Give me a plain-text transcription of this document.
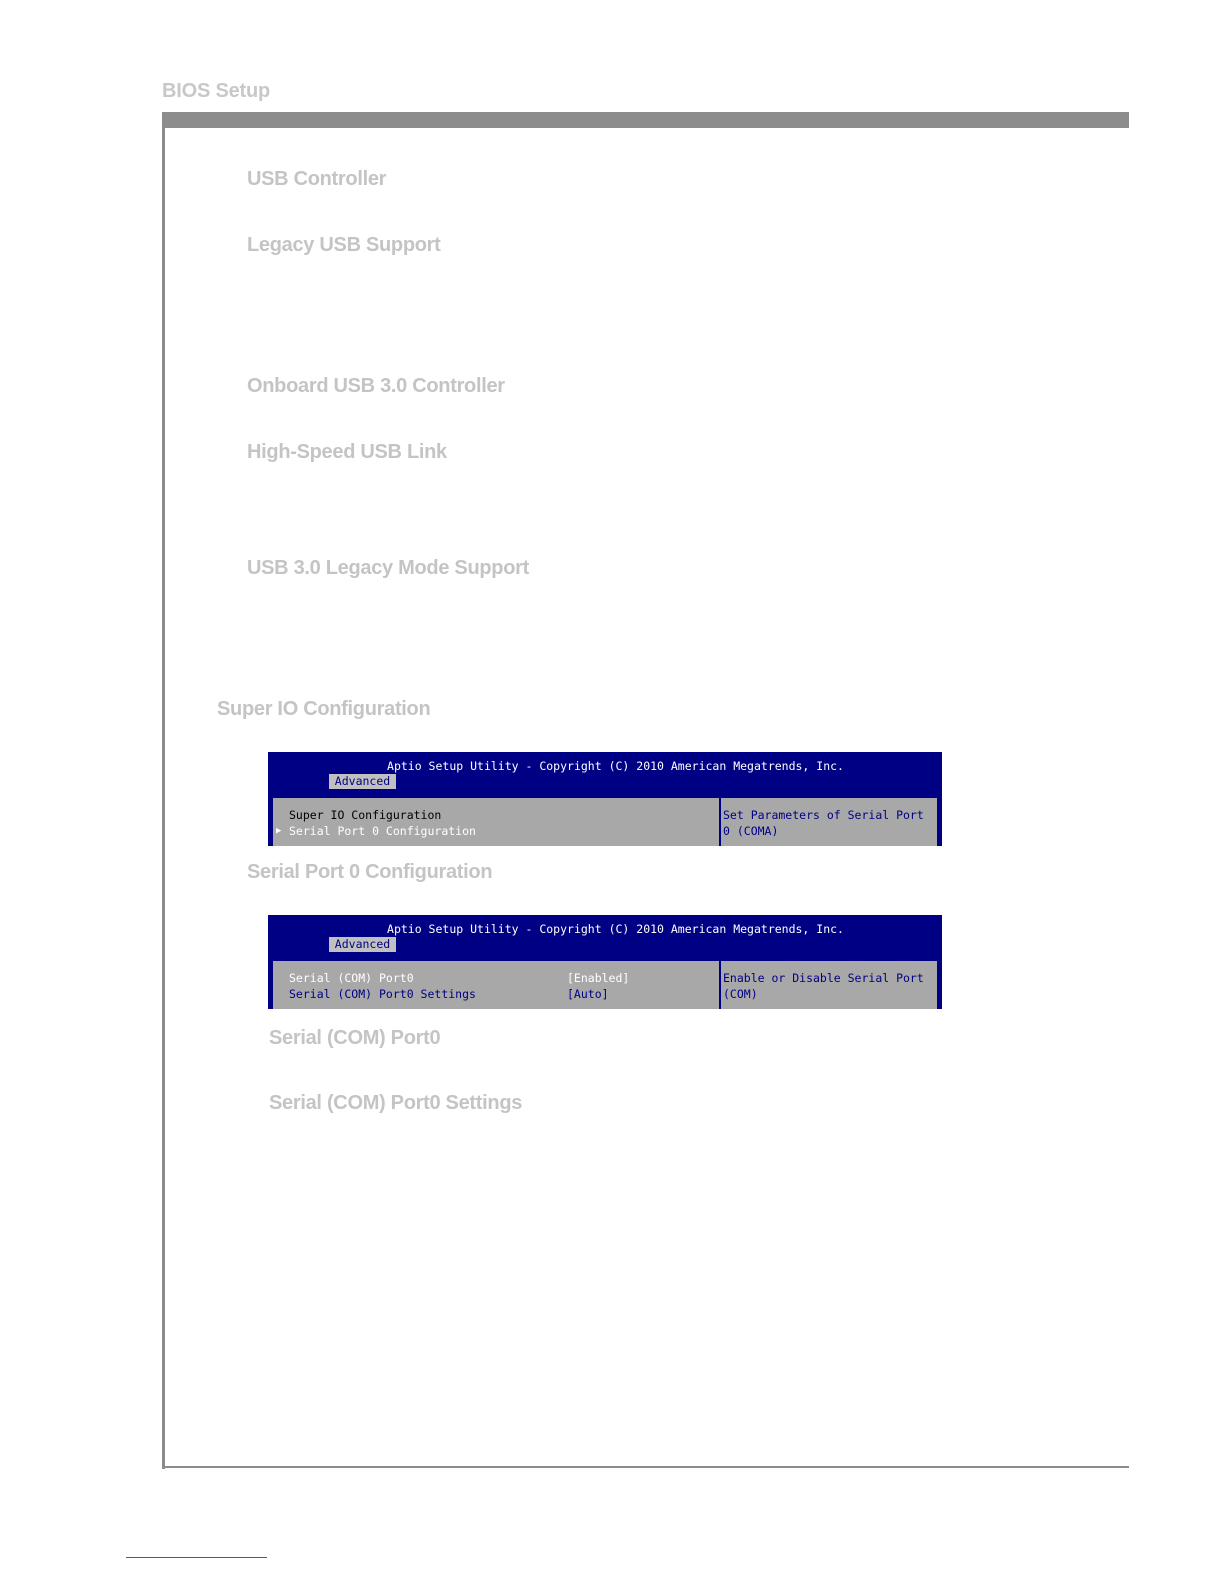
BIOS Setup
USB Controller
Legacy USB Support
Onboard USB 3.0 Controller
High-Speed USB Link
USB 3.0 Legacy Mode Support
Super IO Configuration
Aptio Setup Utility - Copyright (C) 2010 American Megatrends, Inc.
Advanced
Super IO Configuration
▶ Serial Port 0 Configuration
Set Parameters of Serial Port
0 (COMA)
Serial Port 0 Configuration
Aptio Setup Utility - Copyright (C) 2010 American Megatrends, Inc.
Advanced
Serial (COM) Port0	[Enabled]
Serial (COM) Port0 Settings	[Auto]
Enable or Disable Serial Port
(COM)
Serial (COM) Port0
Serial (COM) Port0 Settings
